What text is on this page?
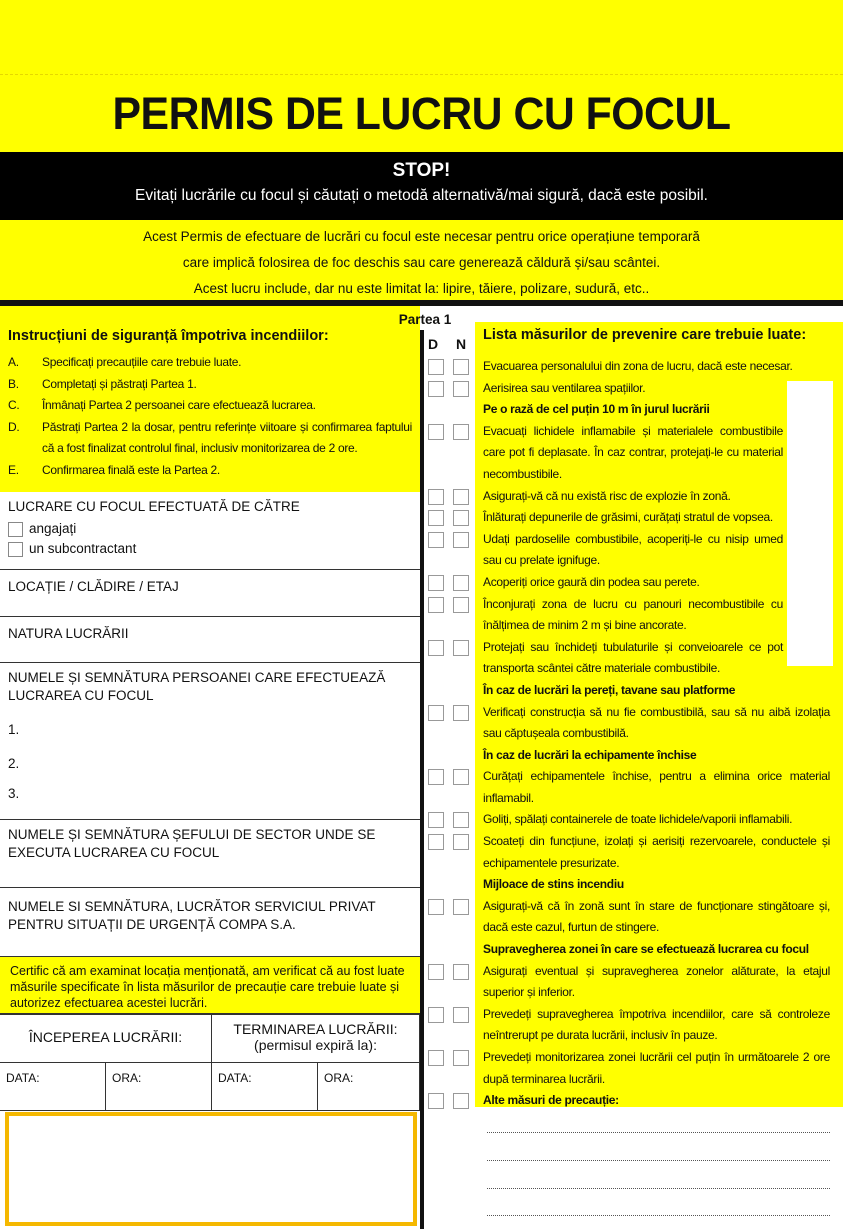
PERMIS DE LUCRU CU FOCUL
STOP!
Evitați lucrările cu focul și căutați o metodă alternativă/mai sigură, dacă este posibil.
Acest Permis de efectuare de lucrări cu focul este necesar pentru orice operațiune temporară
care implică folosirea de foc deschis sau care generează căldură și/sau scântei.
Acest lucru include, dar nu este limitat la: lipire, tăiere, polizare, sudură, etc..
Instrucțiuni de siguranță împotriva incendiilor:
A.	Specificați precauțiile care trebuie luate.
B.	Completați și păstrați Partea 1.
C.	Înmânați Partea 2 persoanei care efectuează lucrarea.
D.	Păstrați Partea 2 la dosar, pentru referințe viitoare și confirmarea faptului că a fost finalizat controlul final, inclusiv monitorizarea de 2 ore.
E.	Confirmarea finală este la Partea 2.
LUCRARE CU FOCUL EFECTUATĂ DE CĂTRE
angajați
un subcontractant
LOCAȚIE / CLĂDIRE / ETAJ
NATURA LUCRĂRII
NUMELE ȘI SEMNĂTURA PERSOANEI CARE EFECTUEAZĂ LUCRAREA CU FOCUL
1.
2.
3.
NUMELE ȘI SEMNĂTURA ȘEFULUI DE SECTOR UNDE SE EXECUTA LUCRAREA CU FOCUL
NUMELE SI SEMNĂTURA, LUCRĂTOR SERVICIUL PRIVAT PENTRU SITUAȚII DE URGENȚĂ COMPA S.A.
Certific că am examinat locația menționată, am verificat că au fost luate măsurile specificate în lista măsurilor de precauție care trebuie luate și autorizez efectuarea acestei lucrări.
ÎNCEPEREA LUCRĂRII:	TERMINAREA LUCRĂRII:
(permisul expiră la):
DATA:	ORA:	DATA:	ORA:
Partea 1
D N
Lista măsurilor de prevenire care trebuie luate:
Evacuarea personalului din zona de lucru, dacă este necesar.
Aerisirea sau ventilarea spațiilor.
Pe o rază de cel puțin 10 m în jurul lucrării
Evacuați lichidele inflamabile și materialele combustibile care pot fi deplasate. În caz contrar, protejați-le cu material necombustibile.
Asigurați-vă că nu există risc de explozie în zonă.
Înlăturați depunerile de grăsimi, curățați stratul de vopsea.
Udați pardoselile combustibile, acoperiți-le cu nisip umed sau cu prelate ignifuge.
Acoperiți orice gaură din podea sau perete.
Înconjurați zona de lucru cu panouri necombustibile cu înălțimea de minim 2 m și bine ancorate.
Protejați sau închideți tubulaturile și conveioarele ce pot transporta scântei către materiale combustibile.
În caz de lucrări la pereți, tavane sau platforme
Verificați construcția să nu fie combustibilă, sau să nu aibă izolația sau căptușeala combustibilă.
În caz de lucrări la echipamente închise
Curățați echipamentele închise, pentru a elimina orice material inflamabil.
Goliți, spălați containerele de toate lichidele/vaporii inflamabili.
Scoateți din funcțiune, izolați și aerisiți rezervoarele, conductele și echipamentele presurizate.
Mijloace de stins incendiu
Asigurați-vă că în zonă sunt în stare de funcționare stingătoare și, dacă este cazul, furtun de stingere.
Supravegherea zonei în care se efectuează lucrarea cu focul
Asigurați eventual și supravegherea zonelor alăturate, la etajul superior și inferior.
Prevedeți supravegherea împotriva incendiilor, care să controleze neîntrerupt pe durata lucrării, inclusiv în pauze.
Prevedeți monitorizarea zonei lucrării cel puțin în următoarele 2 ore după terminarea lucrării.
Alte măsuri de precauție:
